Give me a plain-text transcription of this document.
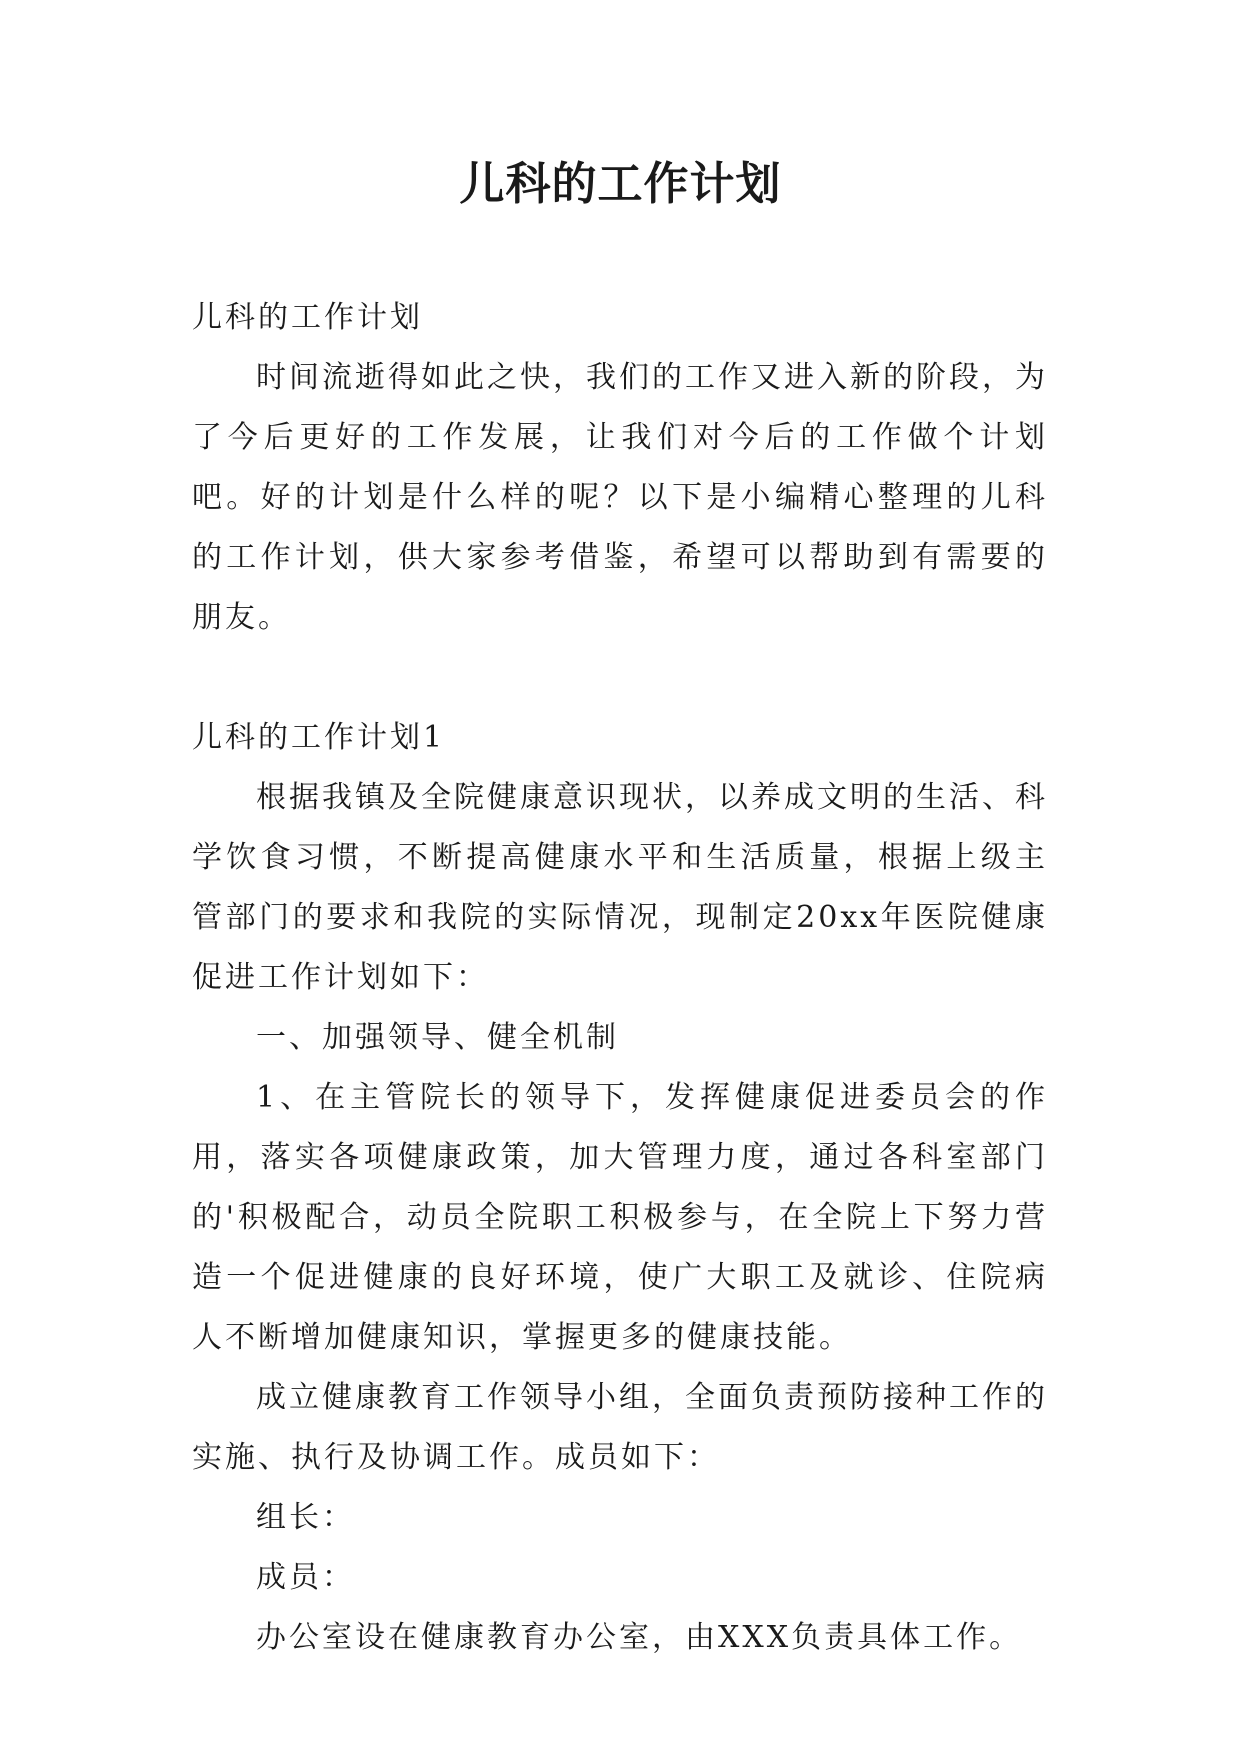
儿科的工作计划

儿科的工作计划

时间流逝得如此之快，我们的工作又进入新的阶段，为了今后更好的工作发展，让我们对今后的工作做个计划吧。好的计划是什么样的呢？以下是小编精心整理的儿科的工作计划，供大家参考借鉴，希望可以帮助到有需要的朋友。

儿科的工作计划1

根据我镇及全院健康意识现状，以养成文明的生活、科学饮食习惯，不断提高健康水平和生活质量，根据上级主管部门的要求和我院的实际情况，现制定20xx年医院健康促进工作计划如下：

一、加强领导、健全机制

1、在主管院长的领导下，发挥健康促进委员会的作用，落实各项健康政策，加大管理力度，通过各科室部门的'积极配合，动员全院职工积极参与，在全院上下努力营造一个促进健康的良好环境，使广大职工及就诊、住院病人不断增加健康知识，掌握更多的健康技能。

成立健康教育工作领导小组，全面负责预防接种工作的实施、执行及协调工作。成员如下：

组长：

成员：

办公室设在健康教育办公室，由XXX负责具体工作。
